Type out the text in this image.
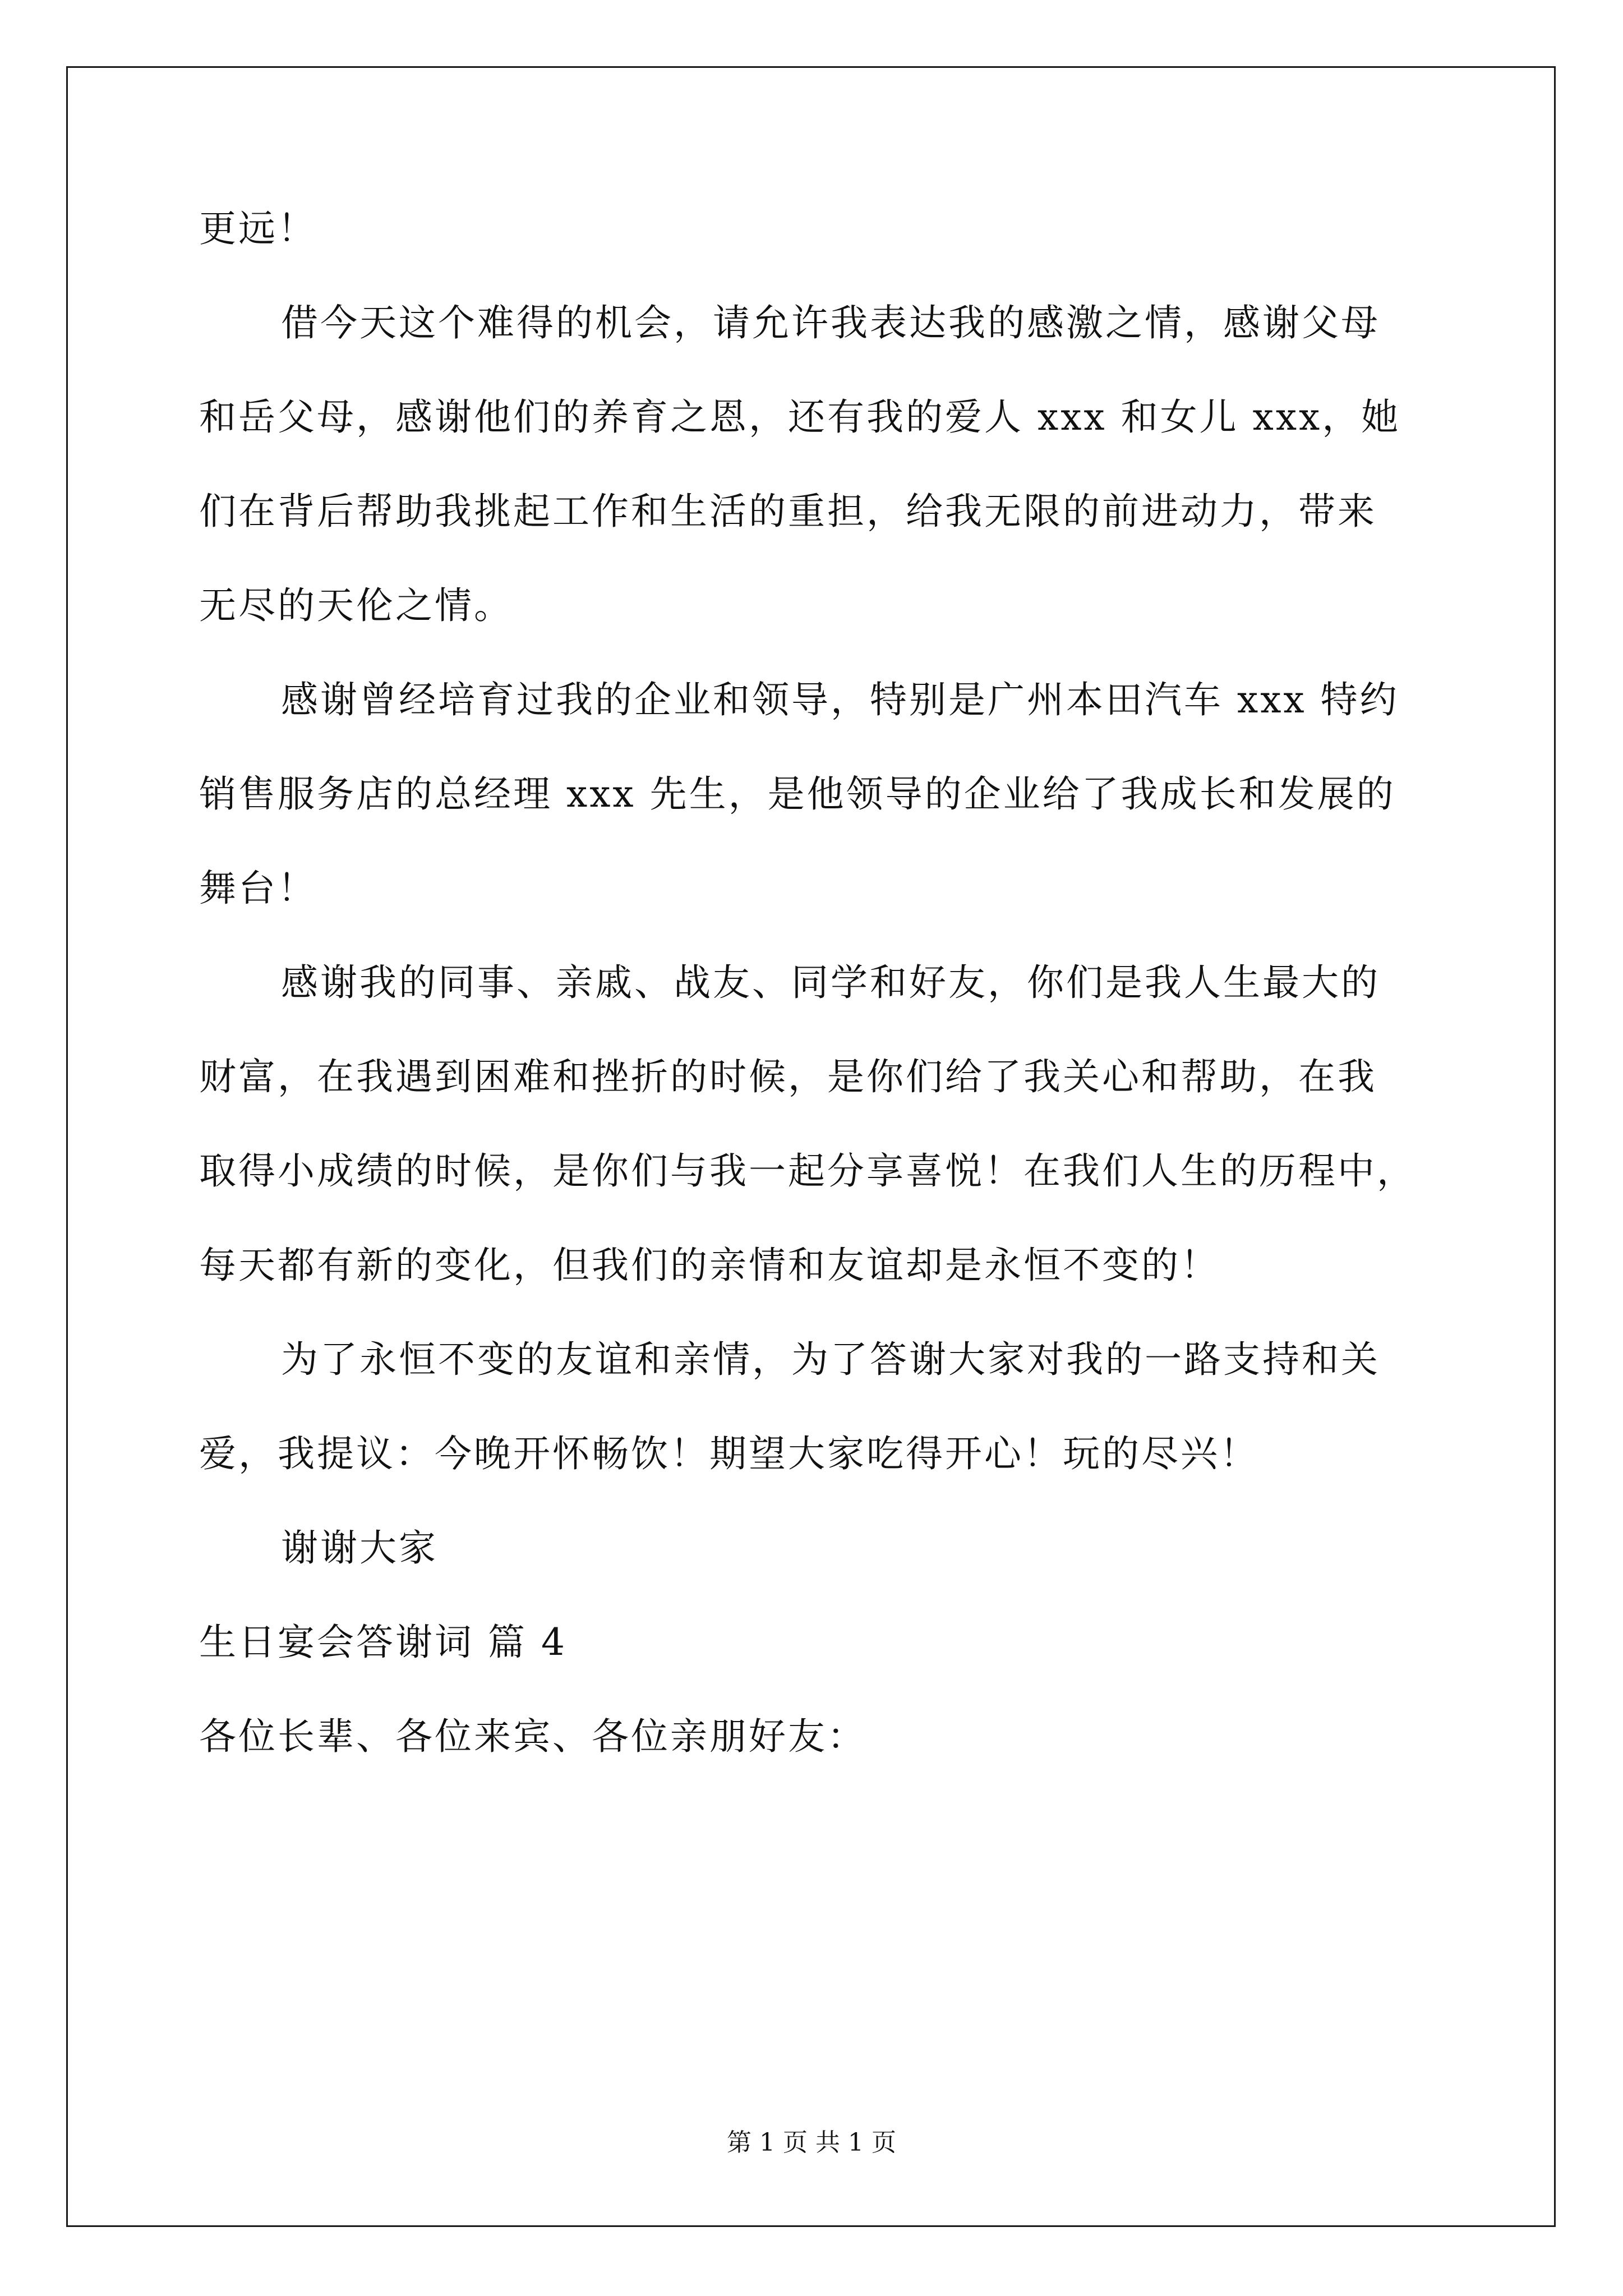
更远！
借今天这个难得的机会，请允许我表达我的感激之情，感谢父母
和岳父母，感谢他们的养育之恩，还有我的爱人 xxx 和女儿 xxx，她
们在背后帮助我挑起工作和生活的重担，给我无限的前进动力，带来
无尽的天伦之情。
感谢曾经培育过我的企业和领导，特别是广州本田汽车 xxx 特约
销售服务店的总经理 xxx 先生，是他领导的企业给了我成长和发展的
舞台！
感谢我的同事、亲戚、战友、同学和好友，你们是我人生最大的
财富，在我遇到困难和挫折的时候，是你们给了我关心和帮助，在我
取得小成绩的时候，是你们与我一起分享喜悦！在我们人生的历程中，
每天都有新的变化，但我们的亲情和友谊却是永恒不变的！
为了永恒不变的友谊和亲情，为了答谢大家对我的一路支持和关
爱，我提议：今晚开怀畅饮！期望大家吃得开心！玩的尽兴！
谢谢大家
生日宴会答谢词 篇 4
各位长辈、各位来宾、各位亲朋好友：
第 1 页 共 1 页
